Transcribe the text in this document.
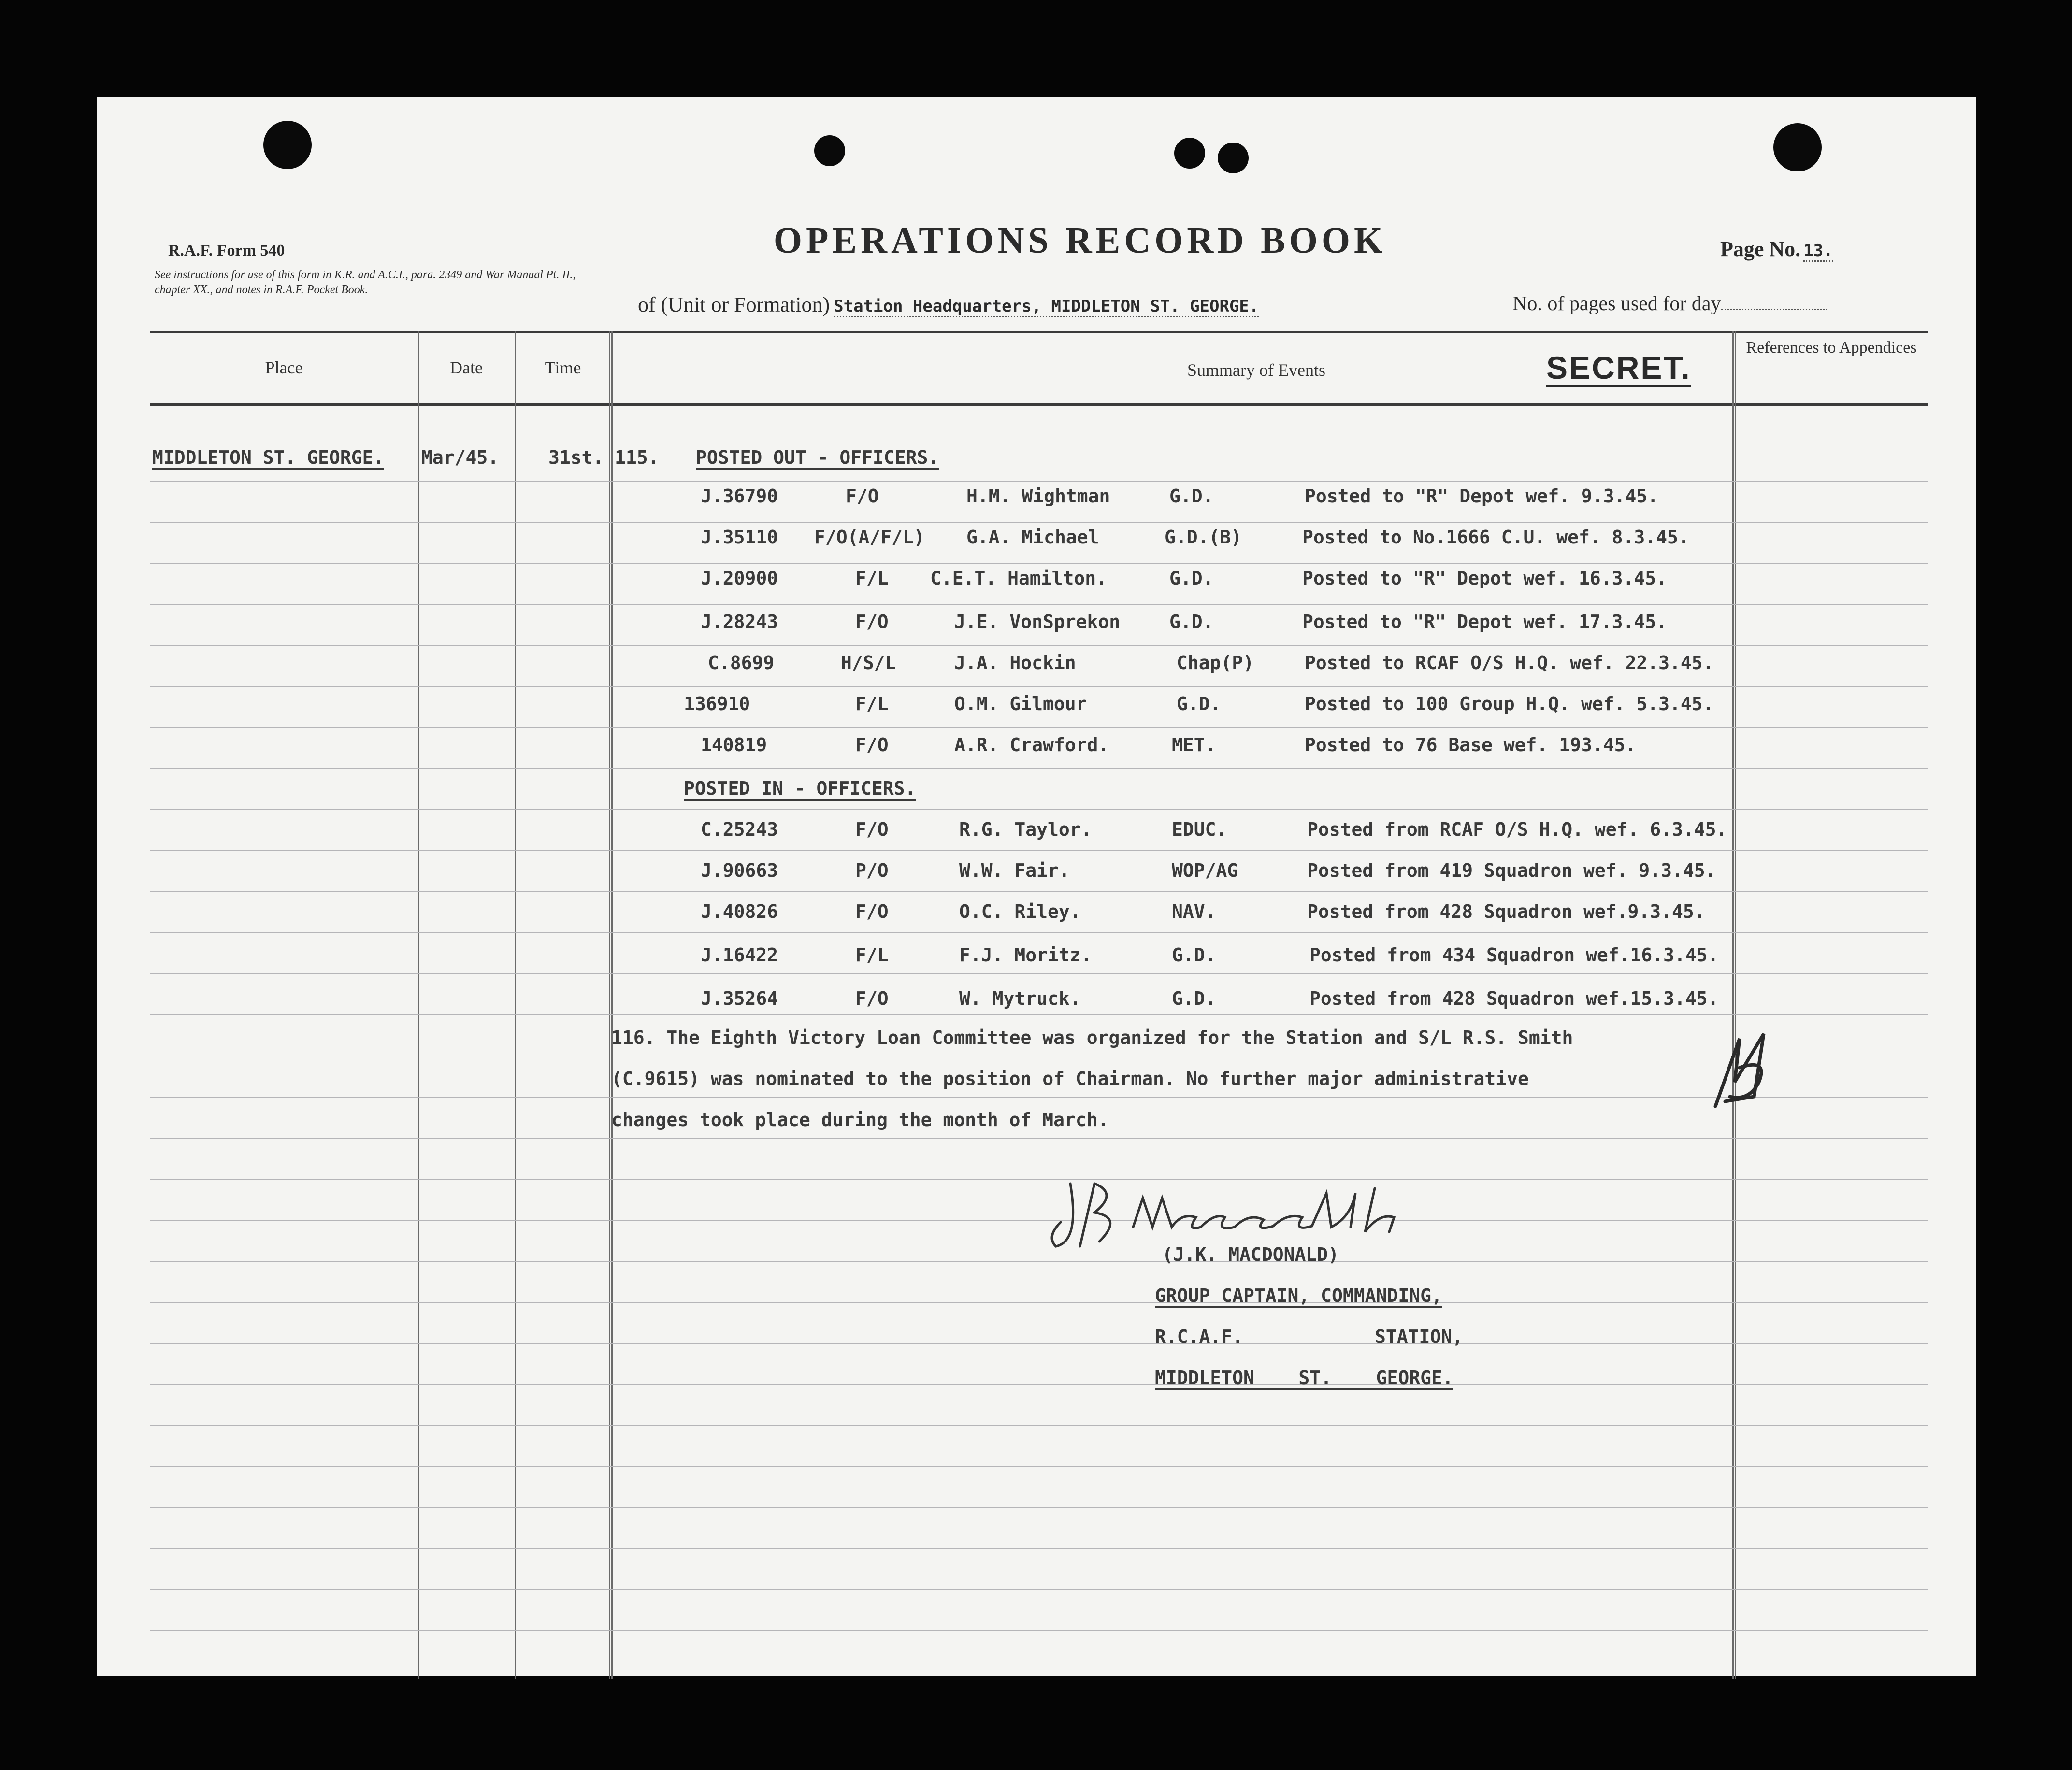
R.A.F. Form 540
See instructions for use of this form in K.R. and A.C.I., para. 2349 and War Manual Pt. II., chapter XX., and notes in R.A.F. Pocket Book.
OPERATIONS RECORD BOOK	Page No. 13.
of (Unit or Formation) Station Headquarters, MIDDLETON ST. GEORGE.	No. of pages used for day
Place	Date	Time	Summary of Events	SECRET.
References to Appendices
MIDDLETON ST. GEORGE. Mar/45.	31st. 115. POSTED OUT - OFFICERS.
J.36790	F/O	H.M. Wightman	G.D.	Posted to "R" Depot wef. 9.3.45.
J.35110 F/O(A/F/L) G.A. Michael	G.D.(B)	Posted to No.1666 C.U. wef. 8.3.45.
J.20900	F/L C.E.T. Hamilton.	G.D.	Posted to "R" Depot wef. 16.3.45.
J.28243	F/O	J.E. VonSprekon	G.D.	Posted to "R" Depot wef. 17.3.45.
C.8699	H/S/L	J.A. Hockin	Chap(P)	Posted to RCAF O/S H.Q. wef. 22.3.45.
136910	F/L	O.M. Gilmour	G.D.	Posted to 100 Group H.Q. wef. 5.3.45.
140819	F/O	A.R. Crawford.	MET.	Posted to 76 Base wef. 193.45.
POSTED IN - OFFICERS.
C.25243	F/O	R.G. Taylor.	EDUC.	Posted from RCAF O/S H.Q. wef. 6.3.45.
J.90663	P/O	W.W. Fair.	WOP/AG	Posted from 419 Squadron wef. 9.3.45.
J.40826	F/O	O.C. Riley.	NAV.	Posted from 428 Squadron wef.9.3.45.
J.16422	F/L	F.J. Moritz.	G.D.	Posted from 434 Squadron wef.16.3.45.
J.35264	F/O	W. Mytruck.	G.D.	Posted from 428 Squadron wef.15.3.45.
116. The Eighth Victory Loan Committee was organized for the Station and S/L R.S. Smith
(C.9615) was nominated to the position of Chairman. No further major administrative
changes took place during the month of March.
(J.K. MACDONALD)
GROUP CAPTAIN, COMMANDING,
R.C.A.F.	STATION,
MIDDLETON ST. GEORGE.
